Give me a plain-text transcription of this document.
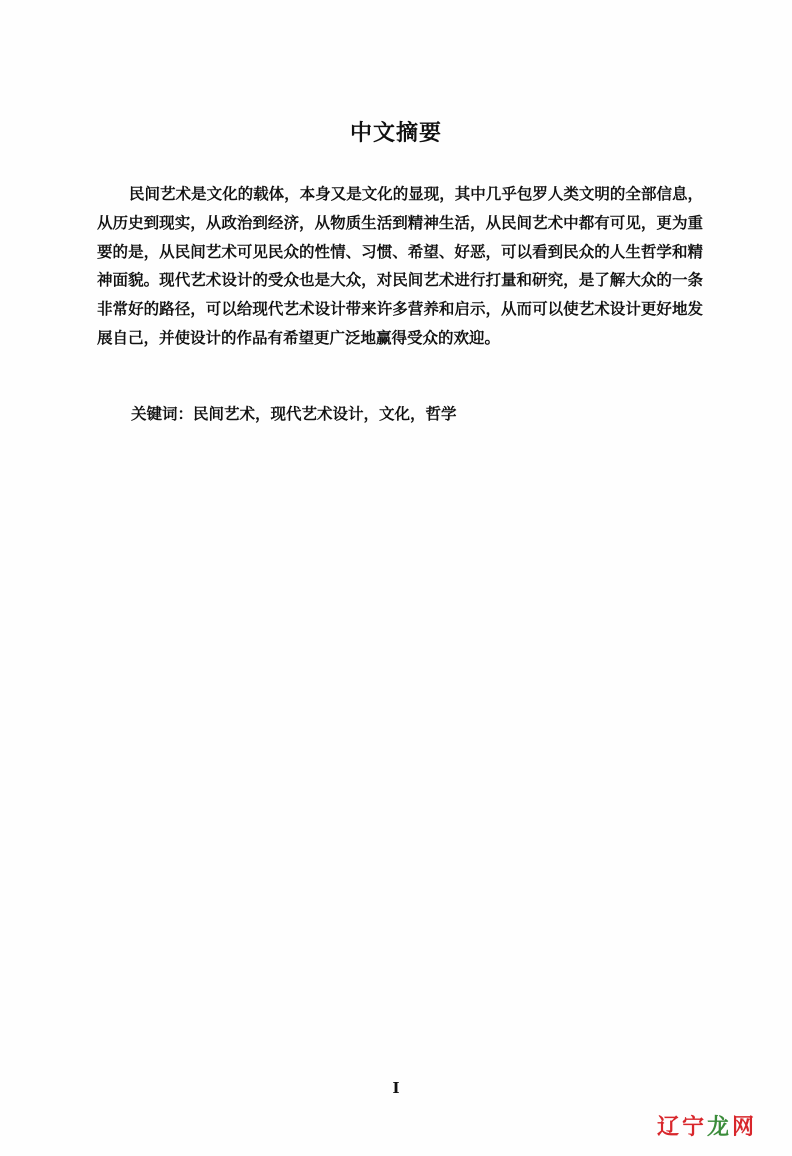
中文摘要

民间艺术是文化的载体，本身又是文化的显现，其中几乎包罗人类文明的全部信息，从历史到现实，从政治到经济，从物质生活到精神生活，从民间艺术中都有可见，更为重要的是，从民间艺术可见民众的性情、习惯、希望、好恶，可以看到民众的人生哲学和精神面貌。现代艺术设计的受众也是大众，对民间艺术进行打量和研究，是了解大众的一条非常好的路径，可以给现代艺术设计带来许多营养和启示，从而可以使艺术设计更好地发展自己，并使设计的作品有希望更广泛地赢得受众的欢迎。

关键词：民间艺术，现代艺术设计，文化，哲学
I
辽 宁 龙 网
